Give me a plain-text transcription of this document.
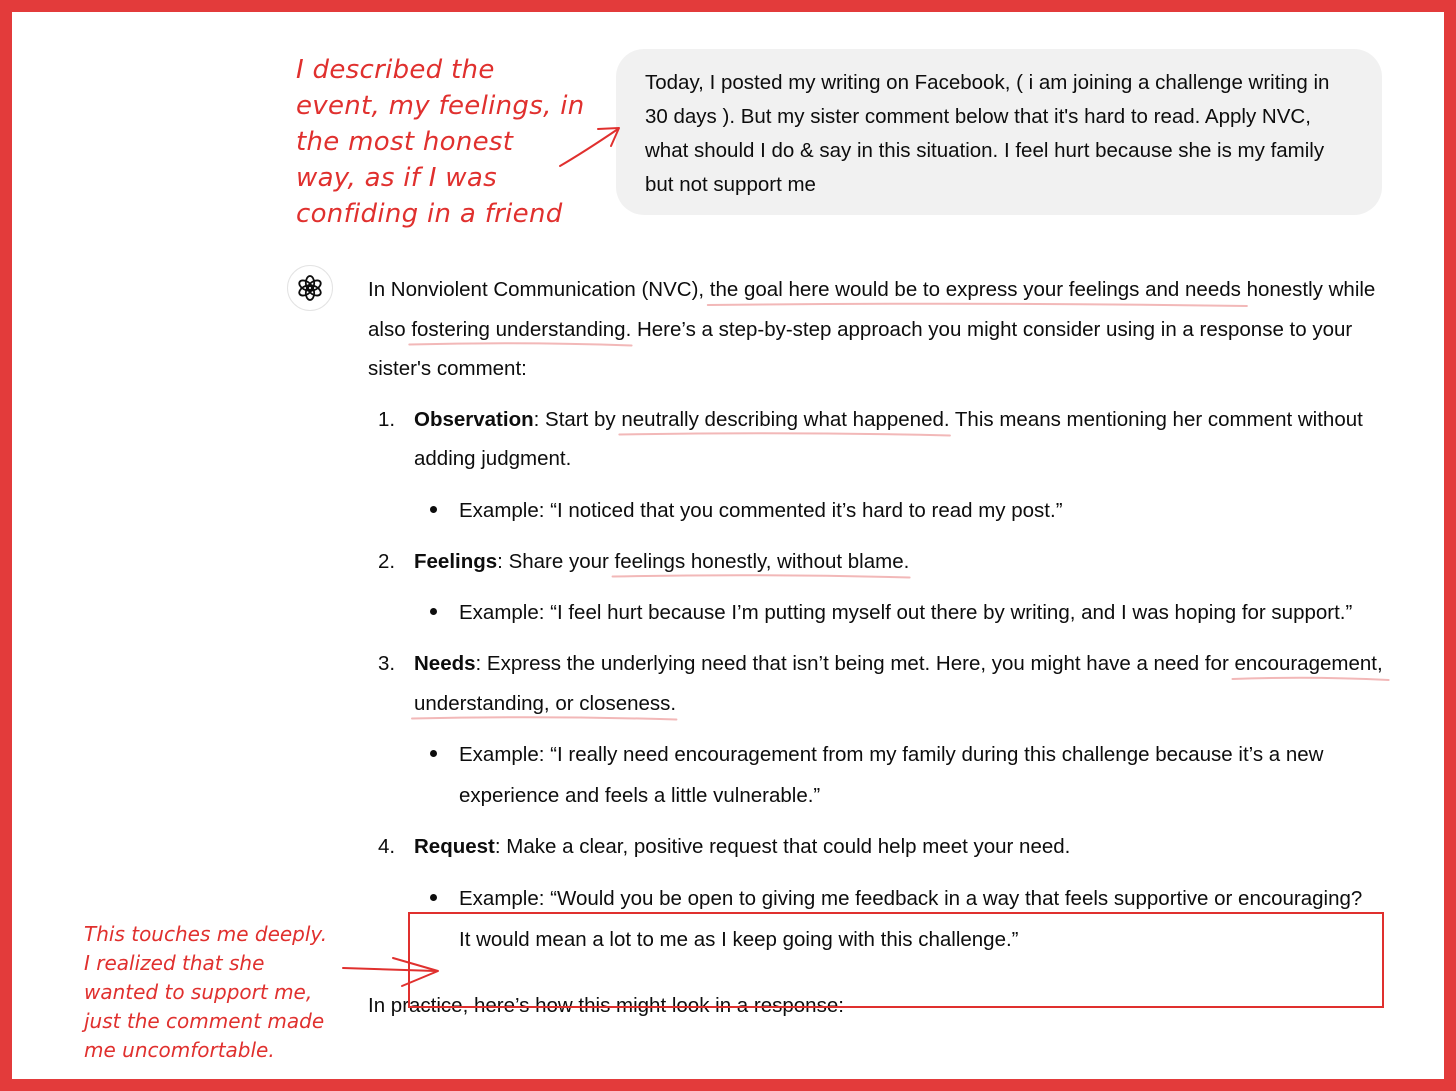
I described the
event, my feelings, in
the most honest
way, as if I was
confiding in a friend
Today, I posted my writing on Facebook, ( i am joining a challenge writing in 30 days ). But my sister comment below that it's hard to read. Apply NVC, what should I do & say in this situation. I feel hurt because she is my family but not support me

In Nonviolent Communication (NVC), the goal here would be to express your feelings and needs honestly while also fostering understanding. Here’s a step-by-step approach you might consider using in a response to your sister's comment:

1. Observation: Start by neutrally describing what happened. This means mentioning her comment without adding judgment.
Example: “I noticed that you commented it’s hard to read my post.”
2. Feelings: Share your feelings honestly, without blame.
Example: “I feel hurt because I’m putting myself out there by writing, and I was hoping for support.”
3. Needs: Express the underlying need that isn’t being met. Here, you might have a need for encouragement, understanding, or closeness.
Example: “I really need encouragement from my family during this challenge because it’s a new experience and feels a little vulnerable.”
4. Request: Make a clear, positive request that could help meet your need.
Example: “Would you be open to giving me feedback in a way that feels supportive or encouraging? It would mean a lot to me as I keep going with this challenge.”

In practice, here’s how this might look in a response:

This touches me deeply.
I realized that she
wanted to support me,
just the comment made
me uncomfortable.
